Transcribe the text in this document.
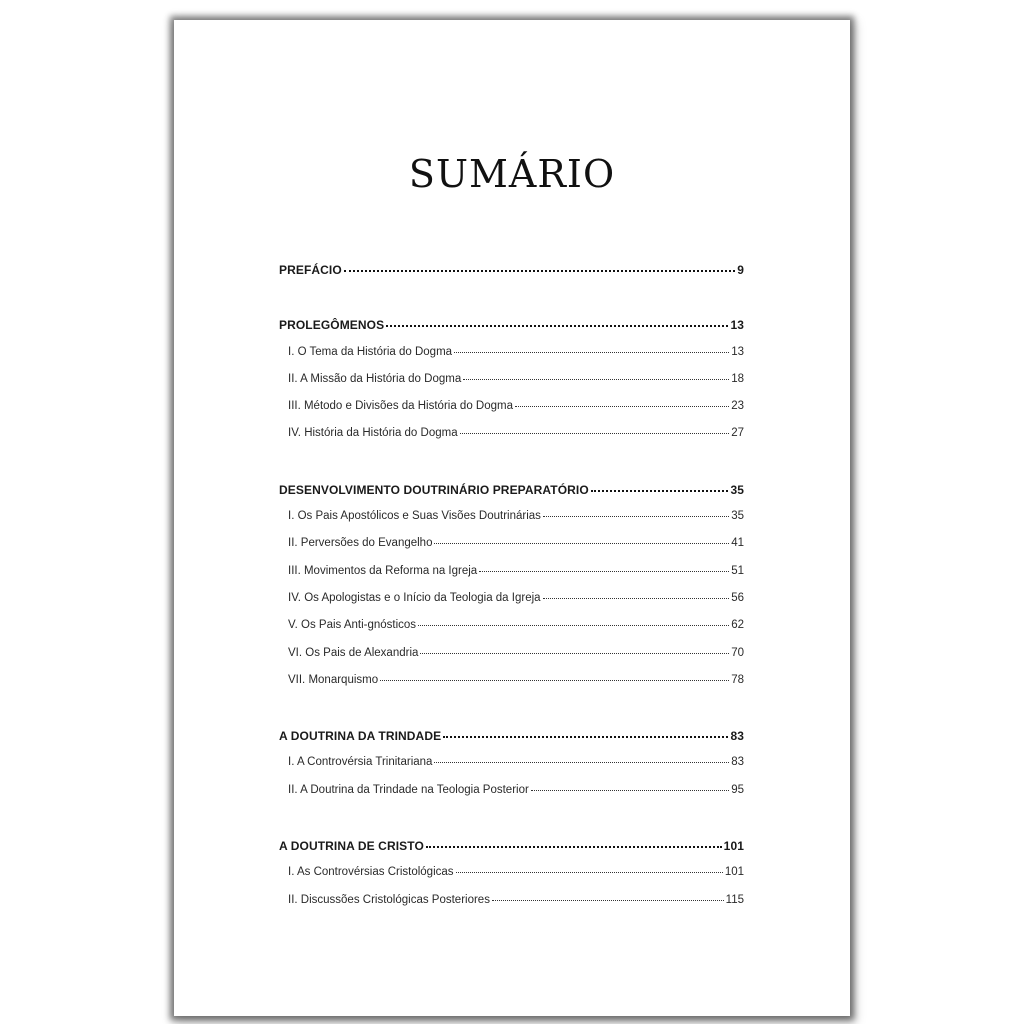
SUMÁRIO
PREFÁCIO	9
PROLEGÔMENOS	13
I. O Tema da História do Dogma	13
II. A Missão da História do Dogma	18
III. Método e Divisões da História do Dogma	23
IV. História da História do Dogma	27
DESENVOLVIMENTO DOUTRINÁRIO PREPARATÓRIO	35
I. Os Pais Apostólicos e Suas Visões Doutrinárias	35
II. Perversões do Evangelho	41
III. Movimentos da Reforma na Igreja	51
IV. Os Apologistas e o Início da Teologia da Igreja	56
V. Os Pais Anti-gnósticos	62
VI. Os Pais de Alexandria	70
VII. Monarquismo	78
A DOUTRINA DA TRINDADE	83
I. A Controvérsia Trinitariana	83
II. A Doutrina da Trindade na Teologia Posterior	95
A DOUTRINA DE CRISTO	101
I. As Controvérsias Cristológicas	101
II. Discussões Cristológicas Posteriores	115
